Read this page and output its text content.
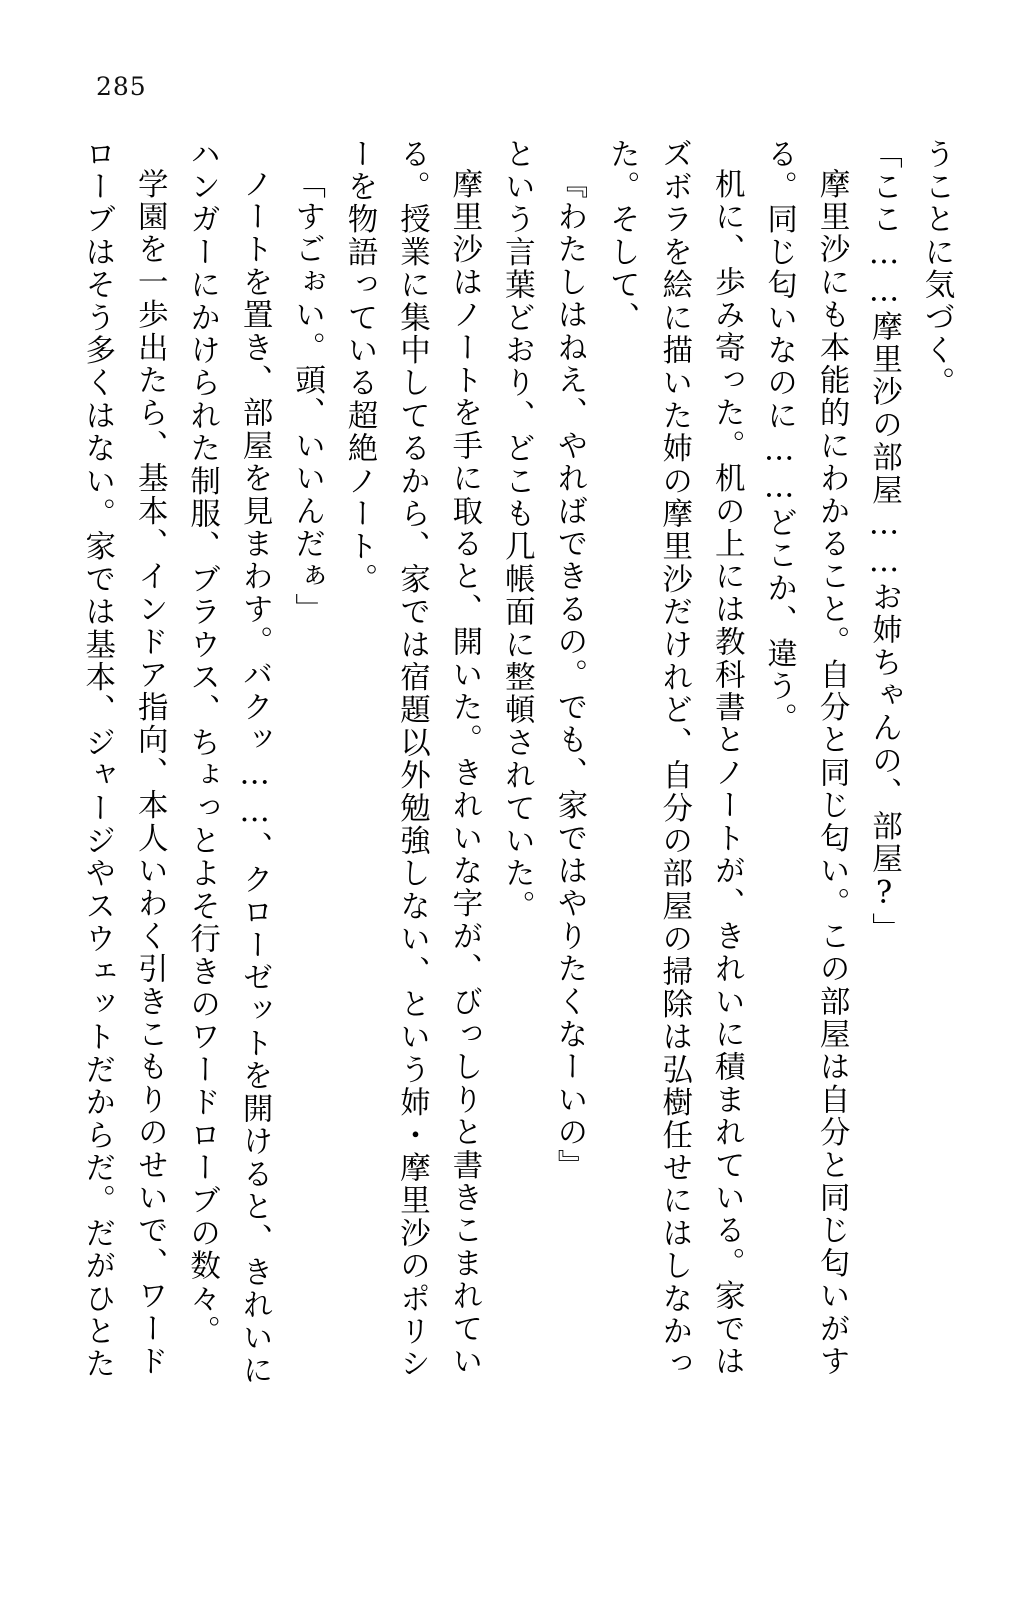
285

うことに気づく。

「ここ……摩里沙の部屋……お姉ちゃんの、部屋?」

摩里沙にも本能的にわかること。自分と同じ匂い。この部屋は自分と同じ匂いがす

る。同じ匂いなのに……どこか、違う。

机に、歩み寄った。机の上には教科書とノートが、きれいに積まれている。家では

ズボラを絵に描いた姉の摩里沙だけれど、自分の部屋の掃除は弘樹任せにはしなかっ

た。そして、

『わたしはねえ、やればできるの。でも、家ではやりたくなーいの』

という言葉どおり、どこも几帳面に整頓されていた。

摩里沙はノートを手に取ると、開いた。きれいな字が、びっしりと書きこまれてい

る。授業に集中してるから、家では宿題以外勉強しない、という姉・摩里沙のポリシ

ーを物語っている超絶ノート。

「すごぉい。頭、いいんだぁ」

ノートを置き、部屋を見まわす。バクッ……、クローゼットを開けると、きれいに

ハンガーにかけられた制服、ブラウス、ちょっとよそ行きのワードローブの数々。

学園を一歩出たら、基本、インドア指向、本人いわく引きこもりのせいで、ワード

ローブはそう多くはない。家では基本、ジャージやスウェットだからだ。だがひとた
